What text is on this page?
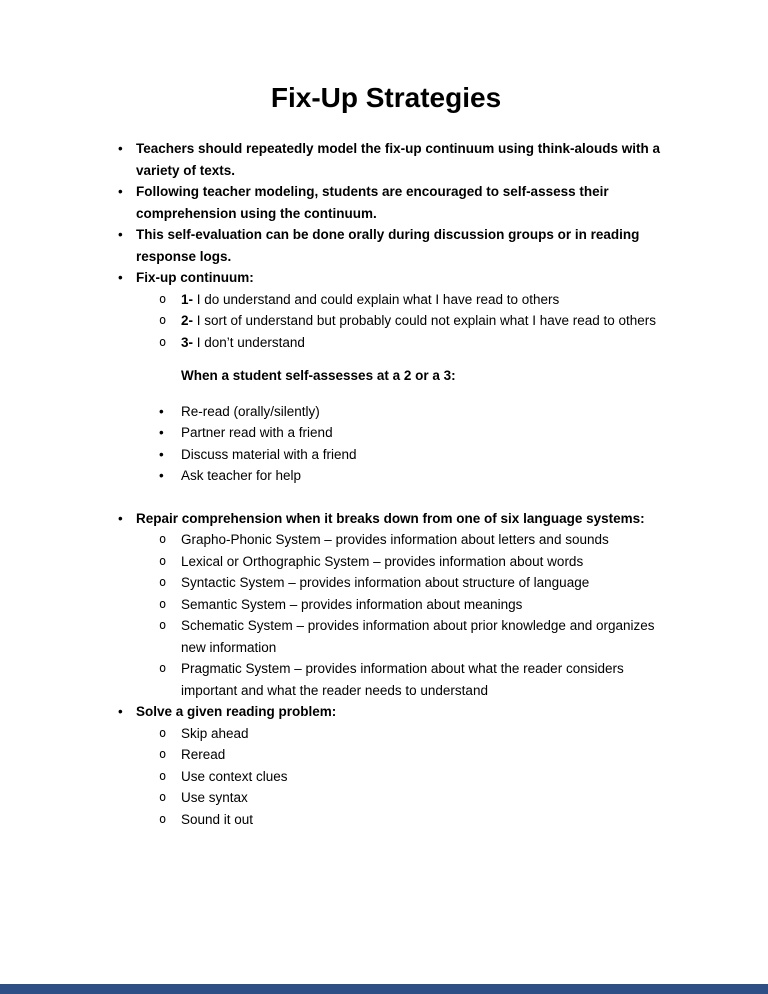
Fix-Up Strategies
• Teachers should repeatedly model the fix-up continuum using think-alouds with a variety of texts.
• Following teacher modeling, students are encouraged to self-assess their comprehension using the continuum.
• This self-evaluation can be done orally during discussion groups or in reading response logs.
• Fix-up continuum:
o	1- I do understand and could explain what I have read to others
o	2- I sort of understand but probably could not explain what I have read to others
o	3- I don’t understand
When a student self-assesses at a 2 or a 3:
•	Re-read (orally/silently)
•	Partner read with a friend
•	Discuss material with a friend
•	Ask teacher for help
• Repair comprehension when it breaks down from one of six language systems:
o	Grapho-Phonic System – provides information about letters and sounds
o	Lexical or Orthographic System – provides information about words
o	Syntactic System – provides information about structure of language
o	Semantic System – provides information about meanings
o	Schematic System – provides information about prior knowledge and organizes new information
o	Pragmatic System – provides information about what the reader considers important and what the reader needs to understand
• Solve a given reading problem:
o	Skip ahead
o	Reread
o	Use context clues
o	Use syntax
o	Sound it out
